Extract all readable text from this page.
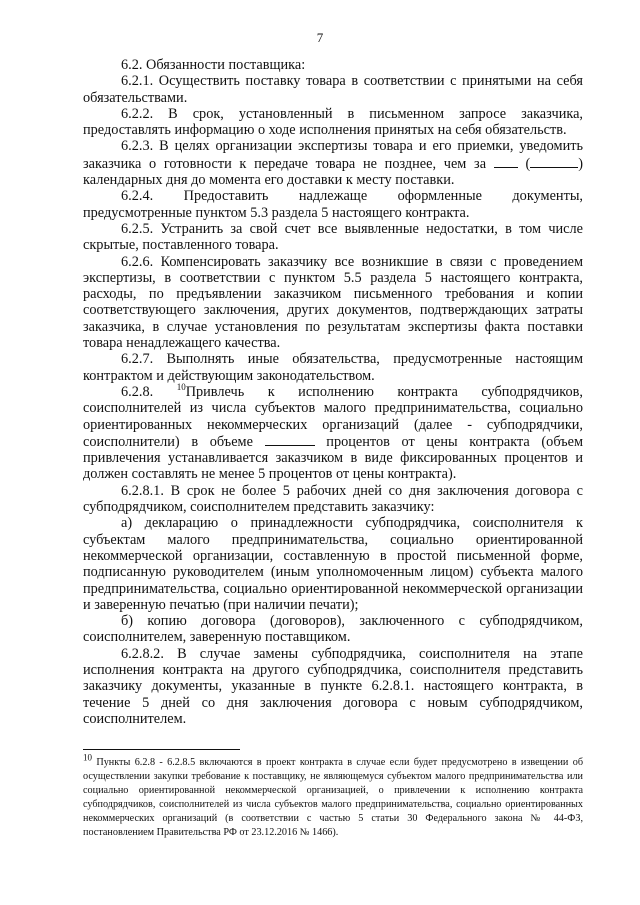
7

6.2. Обязанности поставщика:

6.2.1. Осуществить поставку товара в соответствии с принятыми на себя обязательствами.

6.2.2. В срок, установленный в письменном запросе заказчика, предоставлять информацию о ходе исполнения принятых на себя обязательств.

6.2.3. В целях организации экспертизы товара и его приемки, уведомить заказчика о готовности к передаче товара не позднее, чем за	(	) календарных дня до момента его доставки к месту поставки.

6.2.4. Предоставить надлежаще оформленные документы, предусмотренные пунктом 5.3 раздела 5 настоящего контракта.

6.2.5. Устранить за свой счет все выявленные недостатки, в том числе скрытые, поставленного товара.

6.2.6. Компенсировать заказчику все возникшие в связи с проведением экспертизы, в соответствии с пунктом 5.5 раздела 5 настоящего контракта, расходы, по предъявлении заказчиком письменного требования и копии соответствующего заключения, других документов, подтверждающих затраты заказчика, в случае установления по результатам экспертизы факта поставки товара ненадлежащего качества.

6.2.7. Выполнять иные обязательства, предусмотренные настоящим контрактом и действующим законодательством.

6.2.8.	$^{10}$Привлечь к исполнению контракта субподрядчиков, соисполнителей из числа субъектов малого предпринимательства, социально ориентированных некоммерческих организаций (далее - субподрядчики, соисполнители) в объеме	процентов от цены контракта (объем привлечения устанавливается заказчиком в виде фиксированных процентов и должен составлять не менее 5 процентов от цены контракта).

6.2.8.1. В срок не более 5 рабочих дней со дня заключения договора с субподрядчиком, соисполнителем представить заказчику:

а) декларацию о принадлежности субподрядчика, соисполнителя к субъектам малого предпринимательства, социально ориентированной некоммерческой организации, составленную в простой письменной форме, подписанную руководителем (иным уполномоченным лицом) субъекта малого предпринимательства, социально ориентированной некоммерческой организации и заверенную печатью (при наличии печати);

б) копию договора (договоров), заключенного с субподрядчиком, соисполнителем, заверенную поставщиком.

6.2.8.2. В случае замены субподрядчика, соисполнителя на этапе исполнения контракта на другого субподрядчика, соисполнителя представить заказчику документы, указанные в пункте 6.2.8.1. настоящего контракта, в течение 5 дней со дня заключения договора с новым субподрядчиком, соисполнителем.

$^{10}$ Пункты 6.2.8 - 6.2.8.5 включаются в проект контракта в случае если будет предусмотрено в извещении об осуществлении закупки требование к поставщику, не являющемуся субъектом малого предпринимательства или социально ориентированной некоммерческой организацией, о привлечении к исполнению контракта субподрядчиков, соисполнителей из числа субъектов малого предпринимательства, социально ориентированных некоммерческих организаций (в соответствии с частью 5 статьи 30 Федерального закона № 44-ФЗ, постановлением Правительства РФ от 23.12.2016 № 1466).
